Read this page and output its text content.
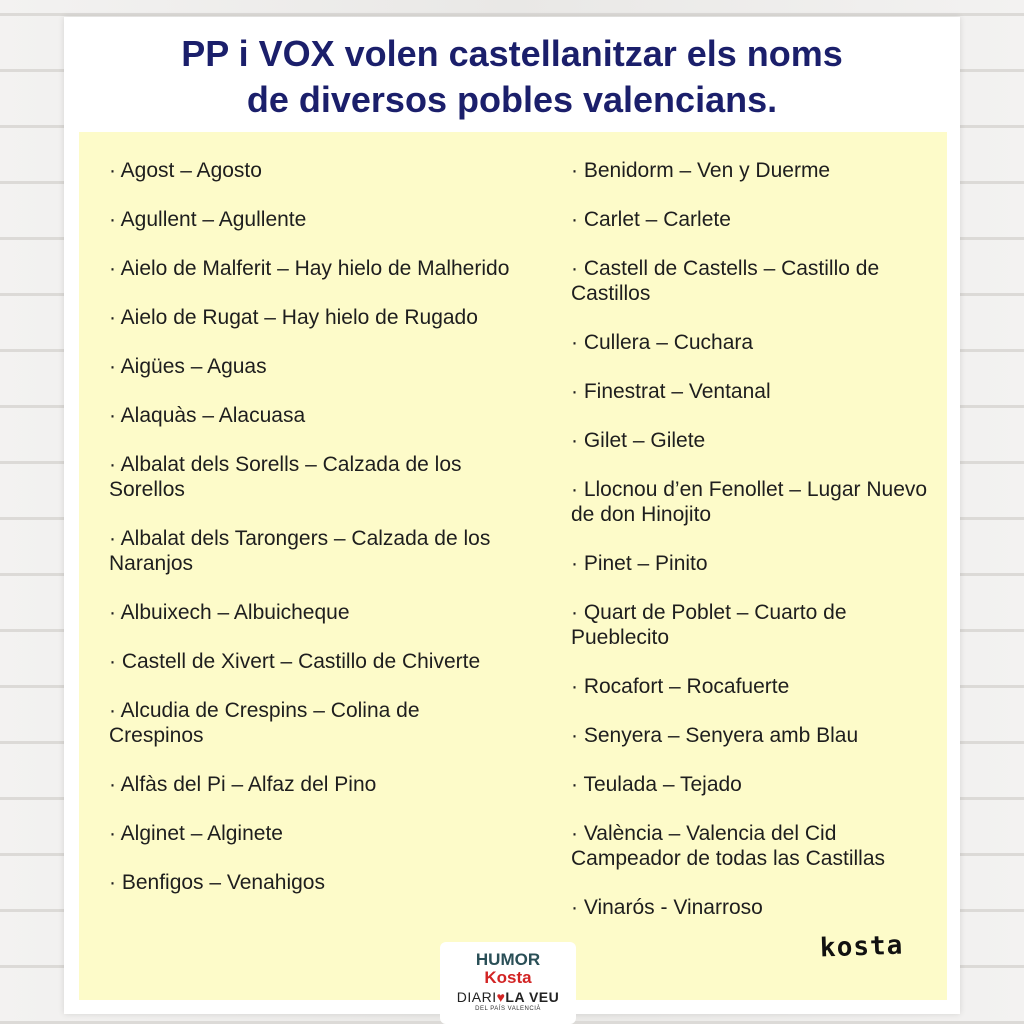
PP i VOX volen castellanitzar els noms
de diversos pobles valencians.
· Agost – Agosto
· Agullent – Agullente
· Aielo de Malferit – Hay hielo de Malherido
· Aielo de Rugat – Hay hielo de Rugado
· Aigües – Aguas
· Alaquàs – Alacuasa
· Albalat dels Sorells – Calzada de los Sorellos
· Albalat dels Tarongers – Calzada de los Naranjos
· Albuixech – Albuicheque
· Castell de Xivert – Castillo de Chiverte
· Alcudia de Crespins – Colina de Crespinos
· Alfàs del Pi – Alfaz del Pino
· Alginet – Alginete
· Benfigos – Venahigos
· Benidorm – Ven y Duerme
· Carlet – Carlete
· Castell de Castells – Castillo de Castillos
· Cullera – Cuchara
· Finestrat – Ventanal
· Gilet – Gilete
· Llocnou d’en Fenollet – Lugar Nuevo de don Hinojito
· Pinet – Pinito
· Quart de Poblet – Cuarto de Pueblecito
· Rocafort – Rocafuerte
· Senyera – Senyera amb Blau
· Teulada – Tejado
· València – Valencia del Cid Campeador de todas las Castillas
· Vinarós - Vinarroso
kosta
HUMOR
Kosta
DIARI♥LA VEU
DEL PAÍS VALENCIÀ
